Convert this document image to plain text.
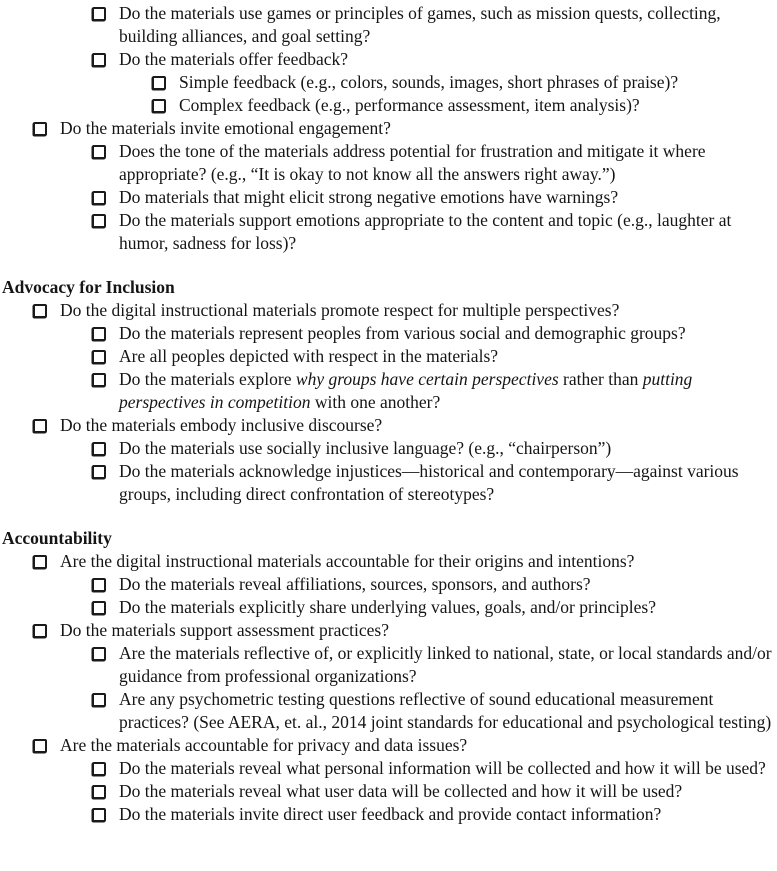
Do the materials use games or principles of games, such as mission quests, collecting, building alliances, and goal setting?
Do the materials offer feedback?
Simple feedback (e.g., colors, sounds, images, short phrases of praise)?
Complex feedback (e.g., performance assessment, item analysis)?
Do the materials invite emotional engagement?
Does the tone of the materials address potential for frustration and mitigate it where appropriate? (e.g., “It is okay to not know all the answers right away.”)
Do materials that might elicit strong negative emotions have warnings?
Do the materials support emotions appropriate to the content and topic (e.g., laughter at humor, sadness for loss)?
Advocacy for Inclusion
Do the digital instructional materials promote respect for multiple perspectives?
Do the materials represent peoples from various social and demographic groups?
Are all peoples depicted with respect in the materials?
Do the materials explore why groups have certain perspectives rather than putting perspectives in competition with one another?
Do the materials embody inclusive discourse?
Do the materials use socially inclusive language? (e.g., “chairperson”)
Do the materials acknowledge injustices—historical and contemporary—against various groups, including direct confrontation of stereotypes?
Accountability
Are the digital instructional materials accountable for their origins and intentions?
Do the materials reveal affiliations, sources, sponsors, and authors?
Do the materials explicitly share underlying values, goals, and/or principles?
Do the materials support assessment practices?
Are the materials reflective of, or explicitly linked to national, state, or local standards and/or guidance from professional organizations?
Are any psychometric testing questions reflective of sound educational measurement practices? (See AERA, et. al., 2014 joint standards for educational and psychological testing)
Are the materials accountable for privacy and data issues?
Do the materials reveal what personal information will be collected and how it will be used?
Do the materials reveal what user data will be collected and how it will be used?
Do the materials invite direct user feedback and provide contact information?
